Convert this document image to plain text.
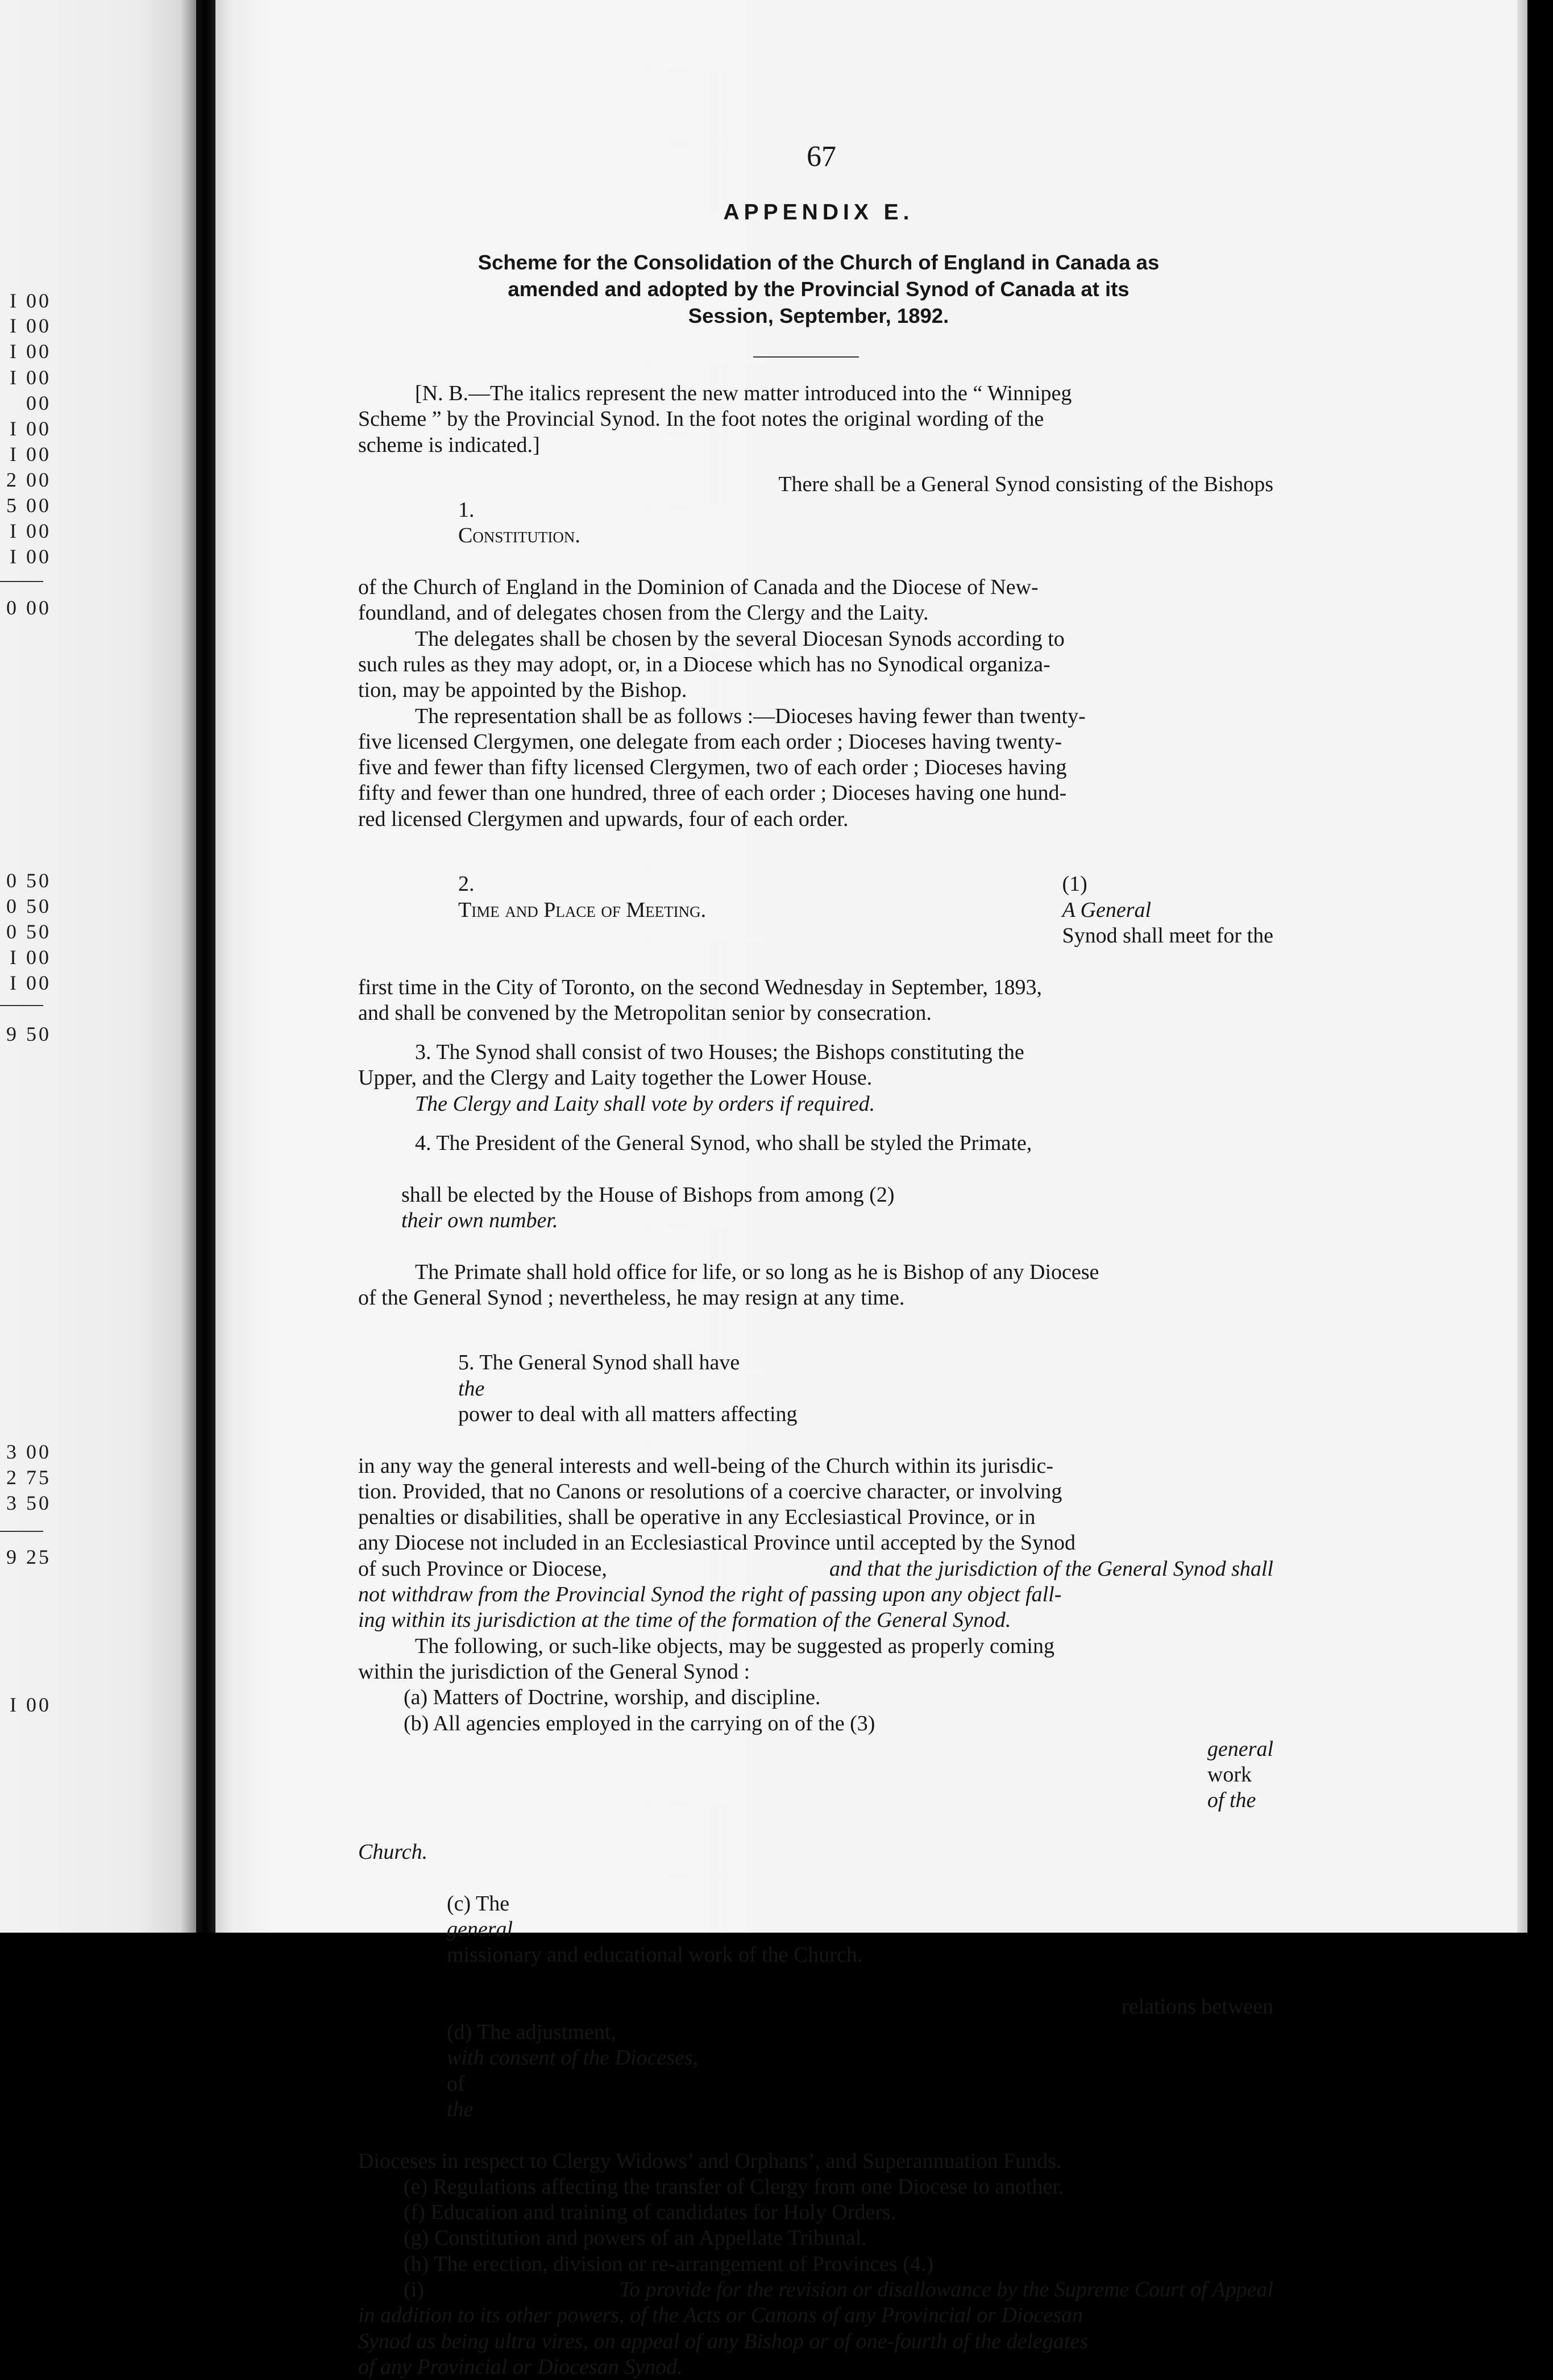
I 00
I 00
I 00
I 00
00
I 00
I 00
2 00
5 00
I 00
I 00
0 00
0 50
0 50
0 50
I 00
I 00
9 50
3 00
2 75
3 50
9 25
I 00
67
APPENDIX E.
Scheme for the Consolidation of the Church of England in Canada as
amended and adopted by the Provincial Synod of Canada at its
Session, September, 1892.
[N. B.—The italics represent the new matter introduced into the “ Winnipeg
Scheme ” by the Provincial Synod. In the foot notes the original wording of the
scheme is indicated.]

1.
Constitution.

There shall be a General Synod consisting of the Bishops
of the Church of England in the Dominion of Canada and the Diocese of New-
foundland, and of delegates chosen from the Clergy and the Laity.
The delegates shall be chosen by the several Diocesan Synods according to
such rules as they may adopt, or, in a Diocese which has no Synodical organiza-
tion, may be appointed by the Bishop.
The representation shall be as follows :—Dioceses having fewer than twenty-
five licensed Clergymen, one delegate from each order ; Dioceses having twenty-
five and fewer than fifty licensed Clergymen, two of each order ; Dioceses having
fifty and fewer than one hundred, three of each order ; Dioceses having one hund-
red licensed Clergymen and upwards, four of each order.

2.
Time and Place of Meeting.

(1)
A General
Synod shall meet for the

first time in the City of Toronto, on the second Wednesday in September, 1893,
and shall be convened by the Metropolitan senior by consecration.
3. The Synod shall consist of two Houses; the Bishops constituting the
Upper, and the Clergy and Laity together the Lower House.
The Clergy and Laity shall vote by orders if required.
4. The President of the General Synod, who shall be styled the Primate,

shall be elected by the House of Bishops from among (2)
their own number.

The Primate shall hold office for life, or so long as he is Bishop of any Diocese
of the General Synod ; nevertheless, he may resign at any time.

5. The General Synod shall have
the
power to deal with all matters affecting

in any way the general interests and well-being of the Church within its jurisdic-
tion. Provided, that no Canons or resolutions of a coercive character, or involving
penalties or disabilities, shall be operative in any Ecclesiastical Province, or in
any Diocese not included in an Ecclesiastical Province until accepted by the Synod
of such Province or Diocese,	and that the jurisdiction of the General Synod shall
not withdraw from the Provincial Synod the right of passing upon any object fall-
ing within its jurisdiction at the time of the formation of the General Synod.
The following, or such-like objects, may be suggested as properly coming
within the jurisdiction of the General Synod :
(a) Matters of Doctrine, worship, and discipline.
(b) All agencies employed in the carrying on of the (3)

general
work
of the

Church.

(c) The
general
missionary and educational work of the Church.

(d) The adjustment,
with consent of the Dioceses,
of
the

relations between
Dioceses in respect to Clergy Widows’ and Orphans’, and Superannuation Funds.
(e) Regulations affecting the transfer of Clergy from one Diocese to another.
(f) Education and training of candidates for Holy Orders.
(g) Constitution and powers of an Appellate Tribunal.
(h) The erection, division or re-arrangement of Provinces (4.)
(i)	To provide for the revision or disallowance by the Supreme Court of Appeal
in addition to its other powers, of the Acts or Canons of any Provincial or Diocesan
Synod as being ultra vires, on appeal of any Bishop or of one-fourth of the delegates
of any Provincial or Diocesan Synod.
